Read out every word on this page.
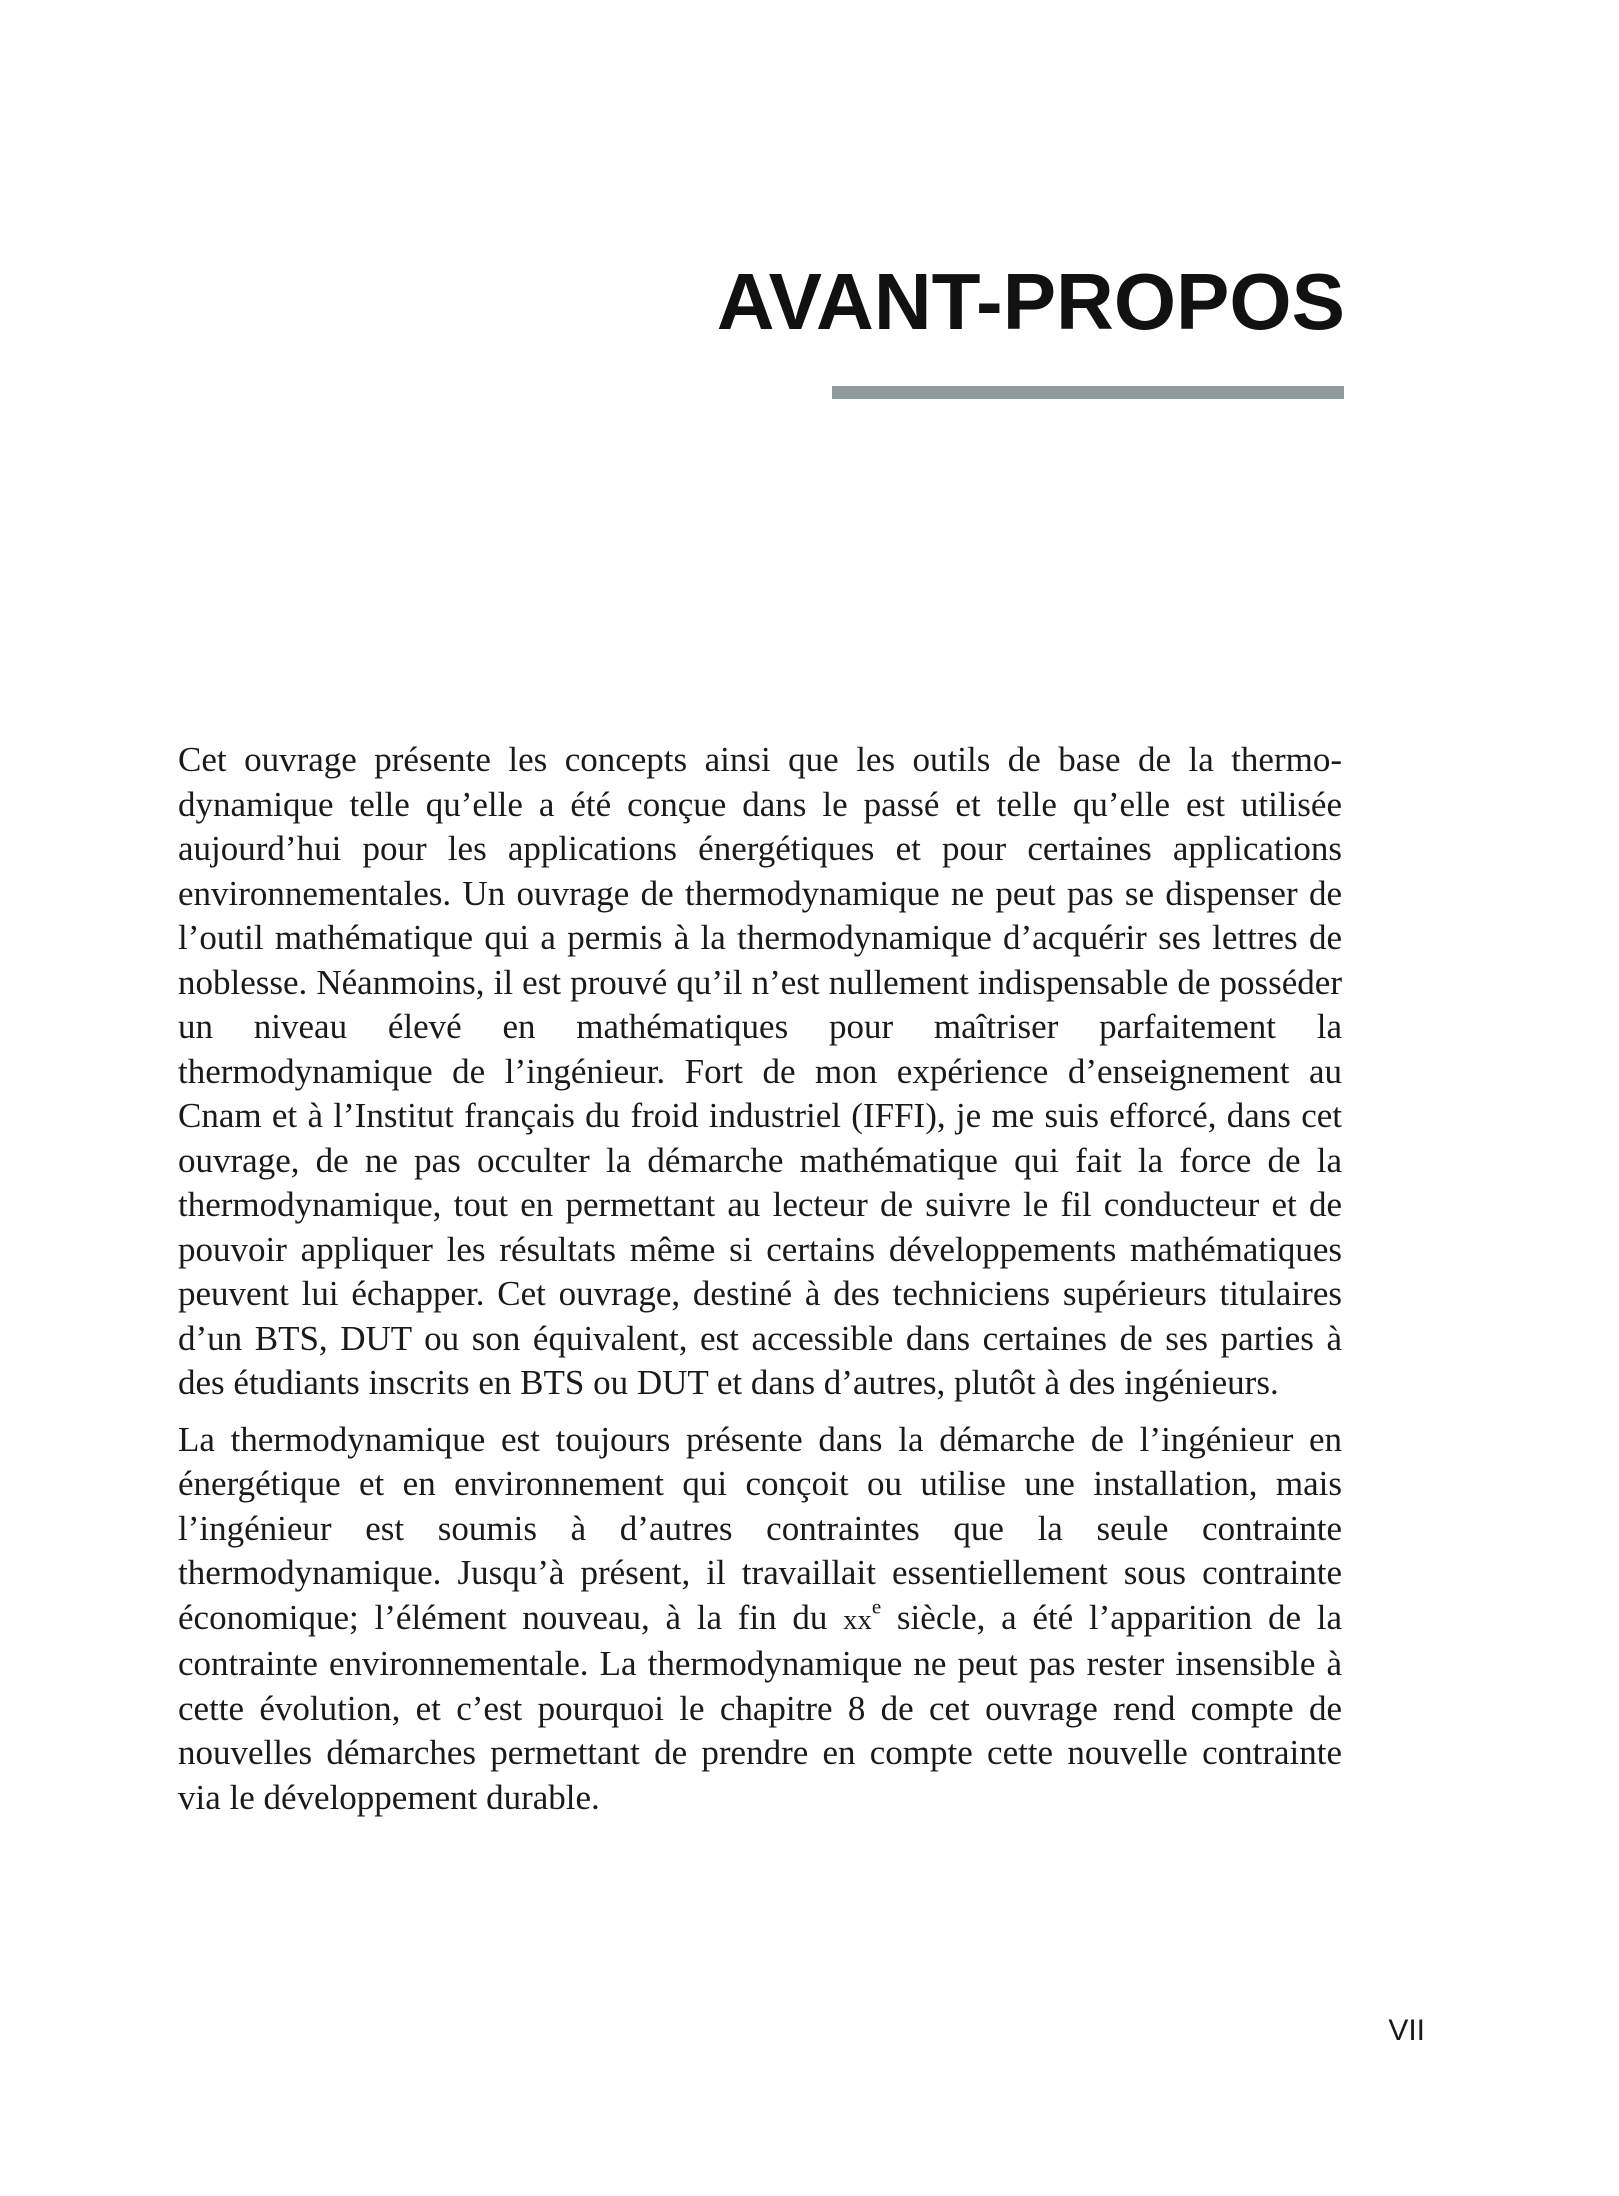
AVANT-PROPOS

Cet ouvrage présente les concepts ainsi que les outils de base de la thermodynamique telle qu’elle a été conçue dans le passé et telle qu’elle est utilisée aujourd’hui pour les applications énergétiques et pour certaines applications environnementales. Un ouvrage de thermodynamique ne peut pas se dispenser de l’outil mathématique qui a permis à la thermodynamique d’acquérir ses lettres de noblesse. Néanmoins, il est prouvé qu’il n’est nullement indispensable de posséder un niveau élevé en mathématiques pour maîtriser parfaitement la thermodynamique de l’ingénieur. Fort de mon expérience d’enseignement au Cnam et à l’Institut français du froid industriel (IFFI), je me suis efforcé, dans cet ouvrage, de ne pas occulter la démarche mathématique qui fait la force de la thermodynamique, tout en permettant au lecteur de suivre le fil conducteur et de pouvoir appliquer les résultats même si certains développements mathématiques peuvent lui échapper. Cet ouvrage, destiné à des techniciens supérieurs titulaires d’un BTS, DUT ou son équivalent, est accessible dans certaines de ses parties à des étudiants inscrits en BTS ou DUT et dans d’autres, plutôt à des ingénieurs.

La thermodynamique est toujours présente dans la démarche de l’ingénieur en énergétique et en environnement qui conçoit ou utilise une installation, mais l’ingénieur est soumis à d’autres contraintes que la seule contrainte thermodynamique. Jusqu’à présent, il travaillait essentiellement sous contrainte économique; l’élément nouveau, à la fin du $xx^e$ siècle, a été l’apparition de la contrainte environnementale. La thermodynamique ne peut pas rester insensible à cette évolution, et c’est pourquoi le chapitre 8 de cet ouvrage rend compte de nouvelles démarches permettant de prendre en compte cette nouvelle contrainte via le développement durable.

VII
